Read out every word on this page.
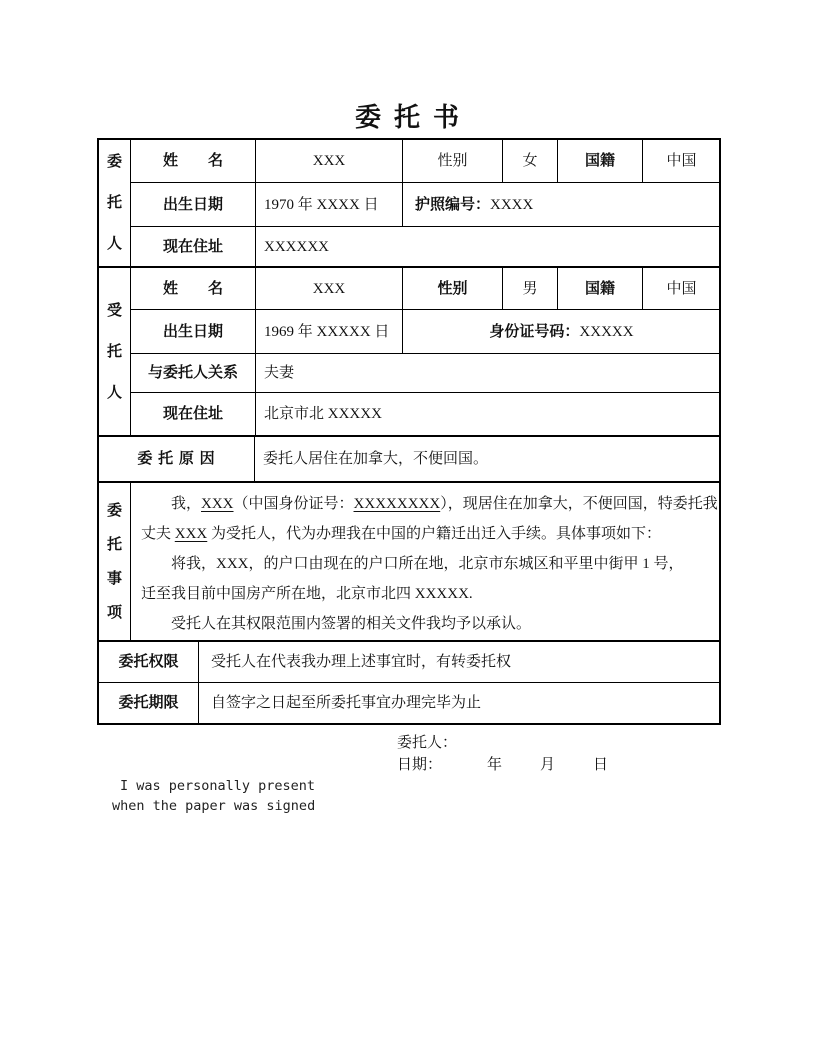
委 托 书
委
托
人
姓　　名	XXX	性别	女	国籍	中国
出生日期	1970 年 XXXX 日	护照编号： XXXX
现在住址	XXXXXX
受
托
人
姓　　名	XXX	性别	男	国籍	中国
出生日期	1969 年 XXXXX 日	身份证号码： XXXXX
与委托人关系	夫妻
现在住址	北京市北 XXXXX
委 托 原 因	委托人居住在加拿大，不便回国。
委
托
事
项
我，XXX（中国身份证号：XXXXXXXX），现居住在加拿大，不便回国，特委托我
丈夫 XXX 为受托人，代为办理我在中国的户籍迁出迁入手续。具体事项如下：
将我，XXX，的户口由现在的户口所在地，北京市东城区和平里中街甲 1 号，
迁至我目前中国房产所在地，北京市北四 XXXXX.
受托人在其权限范围内签署的相关文件我均予以承认。
委托权限	受托人在代表我办理上述事宜时，有转委托权
委托期限	自签字之日起至所委托事宜办理完毕为止
委托人：
日期：	年	月	日
I was personally present
when the paper was signed
